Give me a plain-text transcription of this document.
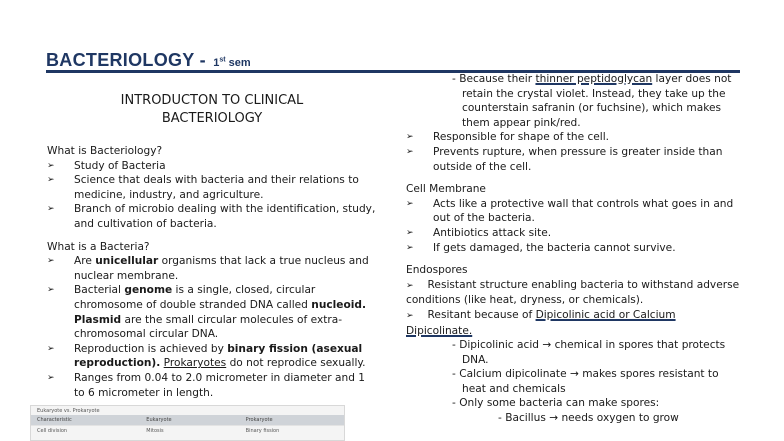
BACTERIOLOGY - 1st sem
INTRODUCTON TO CLINICAL
BACTERIOLOGY
What is Bacteriology?
➢
Study of Bacteria
➢
Science that deals with bacteria and their relations to medicine, industry, and agriculture.
➢
Branch of microbio dealing with the identification, study, and cultivation of bacteria.
What is a Bacteria?
➢
Are unicellular organisms that lack a true nucleus and nuclear membrane.
➢
Bacterial genome is a single, closed, circular chromosome of double stranded DNA called nucleoid. Plasmid are the small circular molecules of extra-chromosomal circular DNA.
➢
Reproduction is achieved by binary fission (asexual reproduction). Prokaryotes do not reprodice sexually.
➢
Ranges from 0.04 to 2.0 micrometer in diameter and 1 to 6 micrometer in length.
Eukaryote vs. Prokaryote
Characteristic	Eukaryote	Prokaryote
Cell division	Mitosis	Binary fission
- Because their thinner peptidoglycan layer does not retain the crystal violet. Instead, they take up the counterstain safranin (or fuchsine), which makes them appear pink/red.
➢
Responsible for shape of the cell.
➢
Prevents rupture, when pressure is greater inside than outside of the cell.
Cell Membrane
➢
Acts like a protective wall that controls what goes in and out of the bacteria.
➢
Antibiotics attack site.
➢
If gets damaged, the bacteria cannot survive.
Endospores
➢ Resistant structure enabling bacteria to withstand adverse conditions (like heat, dryness, or chemicals).
➢ Resitant because of Dipicolinic acid or Calcium Dipicolinate.
- Dipicolinic acid → chemical in spores that protects DNA.
- Calcium dipicolinate → makes spores resistant to heat and chemicals
- Only some bacteria can make spores:
- Bacillus → needs oxygen to grow
